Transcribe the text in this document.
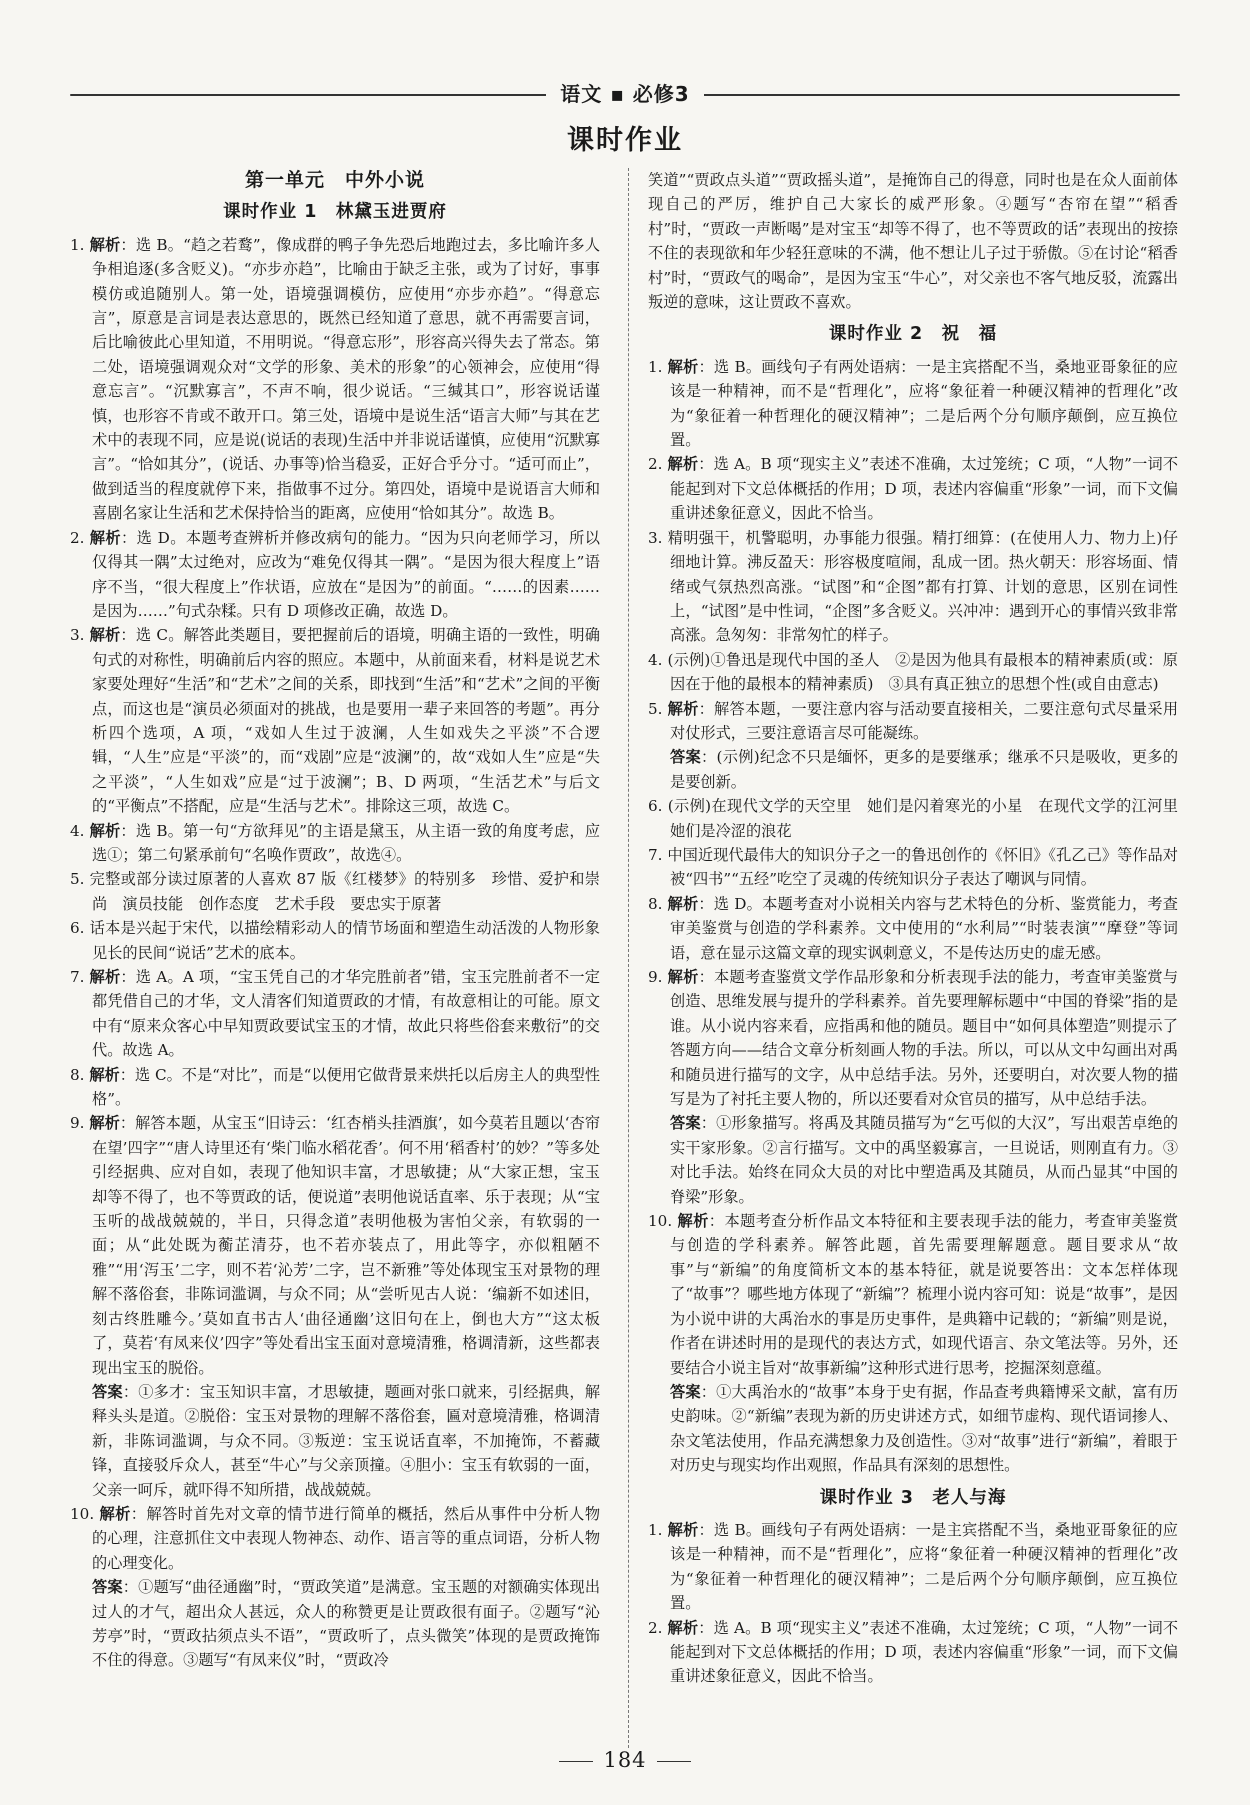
语文 ▪ 必修3
课时作业
第一单元　中外小说
课时作业 1　林黛玉进贾府

1. 解析：选 B。“趋之若鹜”，像成群的鸭子争先恐后地跑过去，多比喻许多人争相追逐(多含贬义)。“亦步亦趋”，比喻由于缺乏主张，或为了讨好，事事模仿或追随别人。第一处，语境强调模仿，应使用“亦步亦趋”。“得意忘言”，原意是言词是表达意思的，既然已经知道了意思，就不再需要言词，后比喻彼此心里知道，不用明说。“得意忘形”，形容高兴得失去了常态。第二处，语境强调观众对“文学的形象、美术的形象”的心领神会，应使用“得意忘言”。“沉默寡言”，不声不响，很少说话。“三缄其口”，形容说话谨慎，也形容不肯或不敢开口。第三处，语境中是说生活“语言大师”与其在艺术中的表现不同，应是说(说话的表现)生活中并非说话谨慎，应使用“沉默寡言”。“恰如其分”，(说话、办事等)恰当稳妥，正好合乎分寸。“适可而止”，做到适当的程度就停下来，指做事不过分。第四处，语境中是说语言大师和喜剧名家让生活和艺术保持恰当的距离，应使用“恰如其分”。故选 B。

2. 解析：选 D。本题考查辨析并修改病句的能力。“因为只向老师学习，所以仅得其一隅”太过绝对，应改为“难免仅得其一隅”。“是因为很大程度上”语序不当，“很大程度上”作状语，应放在“是因为”的前面。“……的因素……是因为……”句式杂糅。只有 D 项修改正确，故选 D。

3. 解析：选 C。解答此类题目，要把握前后的语境，明确主语的一致性，明确句式的对称性，明确前后内容的照应。本题中，从前面来看，材料是说艺术家要处理好“生活”和“艺术”之间的关系，即找到“生活”和“艺术”之间的平衡点，而这也是“演员必须面对的挑战，也是要用一辈子来回答的考题”。再分析四个选项，A 项，“戏如人生过于波澜，人生如戏失之平淡”不合逻辑，“人生”应是“平淡”的，而“戏剧”应是“波澜”的，故“戏如人生”应是“失之平淡”，“人生如戏”应是“过于波澜”；B、D 两项，“生活艺术”与后文的“平衡点”不搭配，应是“生活与艺术”。排除这三项，故选 C。

4. 解析：选 B。第一句“方欲拜见”的主语是黛玉，从主语一致的角度考虑，应选①；第二句紧承前句“名唤作贾政”，故选④。

5. 完整或部分读过原著的人喜欢 87 版《红楼梦》的特别多　珍惜、爱护和崇尚　演员技能　创作态度　艺术手段　要忠实于原著

6. 话本是兴起于宋代，以描绘精彩动人的情节场面和塑造生动活泼的人物形象见长的民间“说话”艺术的底本。

7. 解析：选 A。A 项，“宝玉凭自己的才华完胜前者”错，宝玉完胜前者不一定都凭借自己的才华，文人清客们知道贾政的才情，有故意相让的可能。原文中有“原来众客心中早知贾政要试宝玉的才情，故此只将些俗套来敷衍”的交代。故选 A。

8. 解析：选 C。不是“对比”，而是“以便用它做背景来烘托以后房主人的典型性格”。

9. 解析：解答本题，从宝玉“旧诗云：‘红杏梢头挂酒旗’，如今莫若且题以‘杏帘在望’四字”“唐人诗里还有‘柴门临水稻花香’。何不用‘稻香村’的妙？”等多处引经据典、应对自如，表现了他知识丰富，才思敏捷；从“大家正想，宝玉却等不得了，也不等贾政的话，便说道”表明他说话直率、乐于表现；从“宝玉听的战战兢兢的，半日，只得念道”表明他极为害怕父亲，有软弱的一面；从“此处既为蘅芷清芬，也不若亦装点了，用此等字，亦似粗陋不雅”“用‘泻玉’二字，则不若‘沁芳’二字，岂不新雅”等处体现宝玉对景物的理解不落俗套，非陈词滥调，与众不同；从“尝听见古人说：‘编新不如述旧，刻古终胜雕今。’莫如直书古人‘曲径通幽’这旧句在上，倒也大方”“这太板了，莫若‘有凤来仪’四字”等处看出宝玉面对意境清雅，格调清新，这些都表现出宝玉的脱俗。

答案：①多才：宝玉知识丰富，才思敏捷，题画对张口就来，引经据典，解释头头是道。②脱俗：宝玉对景物的理解不落俗套，匾对意境清雅，格调清新，非陈词滥调，与众不同。③叛逆：宝玉说话直率，不加掩饰，不蓄藏锋，直接驳斥众人，甚至“牛心”与父亲顶撞。④胆小：宝玉有软弱的一面，父亲一呵斥，就吓得不知所措，战战兢兢。

10. 解析：解答时首先对文章的情节进行简单的概括，然后从事件中分析人物的心理，注意抓住文中表现人物神态、动作、语言等的重点词语，分析人物的心理变化。

答案：①题写“曲径通幽”时，“贾政笑道”是满意。宝玉题的对额确实体现出过人的才气，超出众人甚远，众人的称赞更是让贾政很有面子。②题写“沁芳亭”时，“贾政拈须点头不语”，“贾政听了，点头微笑”体现的是贾政掩饰不住的得意。③题写“有凤来仪”时，“贾政冷

笑道”“贾政点头道”“贾政摇头道”，是掩饰自己的得意，同时也是在众人面前体现自己的严厉，维护自己大家长的威严形象。④题写“杏帘在望”“稻香村”时，“贾政一声断喝”是对宝玉“却等不得了，也不等贾政的话”表现出的按捺不住的表现欲和年少轻狂意味的不满，他不想让儿子过于骄傲。⑤在讨论“稻香村”时，“贾政气的喝命”，是因为宝玉“牛心”，对父亲也不客气地反驳，流露出叛逆的意味，这让贾政不喜欢。

课时作业 2　祝　福

1. 解析：选 B。画线句子有两处语病：一是主宾搭配不当，桑地亚哥象征的应该是一种精神，而不是“哲理化”，应将“象征着一种硬汉精神的哲理化”改为“象征着一种哲理化的硬汉精神”；二是后两个分句顺序颠倒，应互换位置。

2. 解析：选 A。B 项“现实主义”表述不准确，太过笼统；C 项，“人物”一词不能起到对下文总体概括的作用；D 项，表述内容偏重“形象”一词，而下文偏重讲述象征意义，因此不恰当。

3. 精明强干，机警聪明，办事能力很强。精打细算：(在使用人力、物力上)仔细地计算。沸反盈天：形容极度喧闹，乱成一团。热火朝天：形容场面、情绪或气氛热烈高涨。“试图”和“企图”都有打算、计划的意思，区别在词性上，“试图”是中性词，“企图”多含贬义。兴冲冲：遇到开心的事情兴致非常高涨。急匆匆：非常匆忙的样子。

4. (示例)①鲁迅是现代中国的圣人　②是因为他具有最根本的精神素质(或：原因在于他的最根本的精神素质)　③具有真正独立的思想个性(或自由意志)

5. 解析：解答本题，一要注意内容与活动要直接相关，二要注意句式尽量采用对仗形式，三要注意语言尽可能凝练。

答案：(示例)纪念不只是缅怀，更多的是要继承；继承不只是吸收，更多的是要创新。

6. (示例)在现代文学的天空里　她们是闪着寒光的小星　在现代文学的江河里　她们是冷涩的浪花

7. 中国近现代最伟大的知识分子之一的鲁迅创作的《怀旧》《孔乙己》等作品对被“四书”“五经”吃空了灵魂的传统知识分子表达了嘲讽与同情。

8. 解析：选 D。本题考查对小说相关内容与艺术特色的分析、鉴赏能力，考查审美鉴赏与创造的学科素养。文中使用的“水利局”“时装表演”“摩登”等词语，意在显示这篇文章的现实讽刺意义，不是传达历史的虚无感。

9. 解析：本题考查鉴赏文学作品形象和分析表现手法的能力，考查审美鉴赏与创造、思维发展与提升的学科素养。首先要理解标题中“中国的脊梁”指的是谁。从小说内容来看，应指禹和他的随员。题目中“如何具体塑造”则提示了答题方向——结合文章分析刻画人物的手法。所以，可以从文中勾画出对禹和随员进行描写的文字，从中总结手法。另外，还要明白，对次要人物的描写是为了衬托主要人物的，所以还要看对众官员的描写，从中总结手法。

答案：①形象描写。将禹及其随员描写为“乞丐似的大汉”，写出艰苦卓绝的实干家形象。②言行描写。文中的禹坚毅寡言，一旦说话，则刚直有力。③对比手法。始终在同众大员的对比中塑造禹及其随员，从而凸显其“中国的脊梁”形象。

10. 解析：本题考查分析作品文本特征和主要表现手法的能力，考查审美鉴赏与创造的学科素养。解答此题，首先需要理解题意。题目要求从“故事”与“新编”的角度简析文本的基本特征，就是说要答出：文本怎样体现了“故事”？哪些地方体现了“新编”？梳理小说内容可知：说是“故事”，是因为小说中讲的大禹治水的事是历史事件，是典籍中记载的；“新编”则是说，作者在讲述时用的是现代的表达方式，如现代语言、杂文笔法等。另外，还要结合小说主旨对“故事新编”这种形式进行思考，挖掘深刻意蕴。

答案：①大禹治水的“故事”本身于史有据，作品查考典籍博采文献，富有历史韵味。②“新编”表现为新的历史讲述方式，如细节虚构、现代语词掺人、杂文笔法使用，作品充满想象力及创造性。③对“故事”进行“新编”，着眼于对历史与现实均作出观照，作品具有深刻的思想性。

课时作业 3　老人与海

1. 解析：选 B。画线句子有两处语病：一是主宾搭配不当，桑地亚哥象征的应该是一种精神，而不是“哲理化”，应将“象征着一种硬汉精神的哲理化”改为“象征着一种哲理化的硬汉精神”；二是后两个分句顺序颠倒，应互换位置。

2. 解析：选 A。B 项“现实主义”表述不准确，太过笼统；C 项，“人物”一词不能起到对下文总体概括的作用；D 项，表述内容偏重“形象”一词，而下文偏重讲述象征意义，因此不恰当。

184
